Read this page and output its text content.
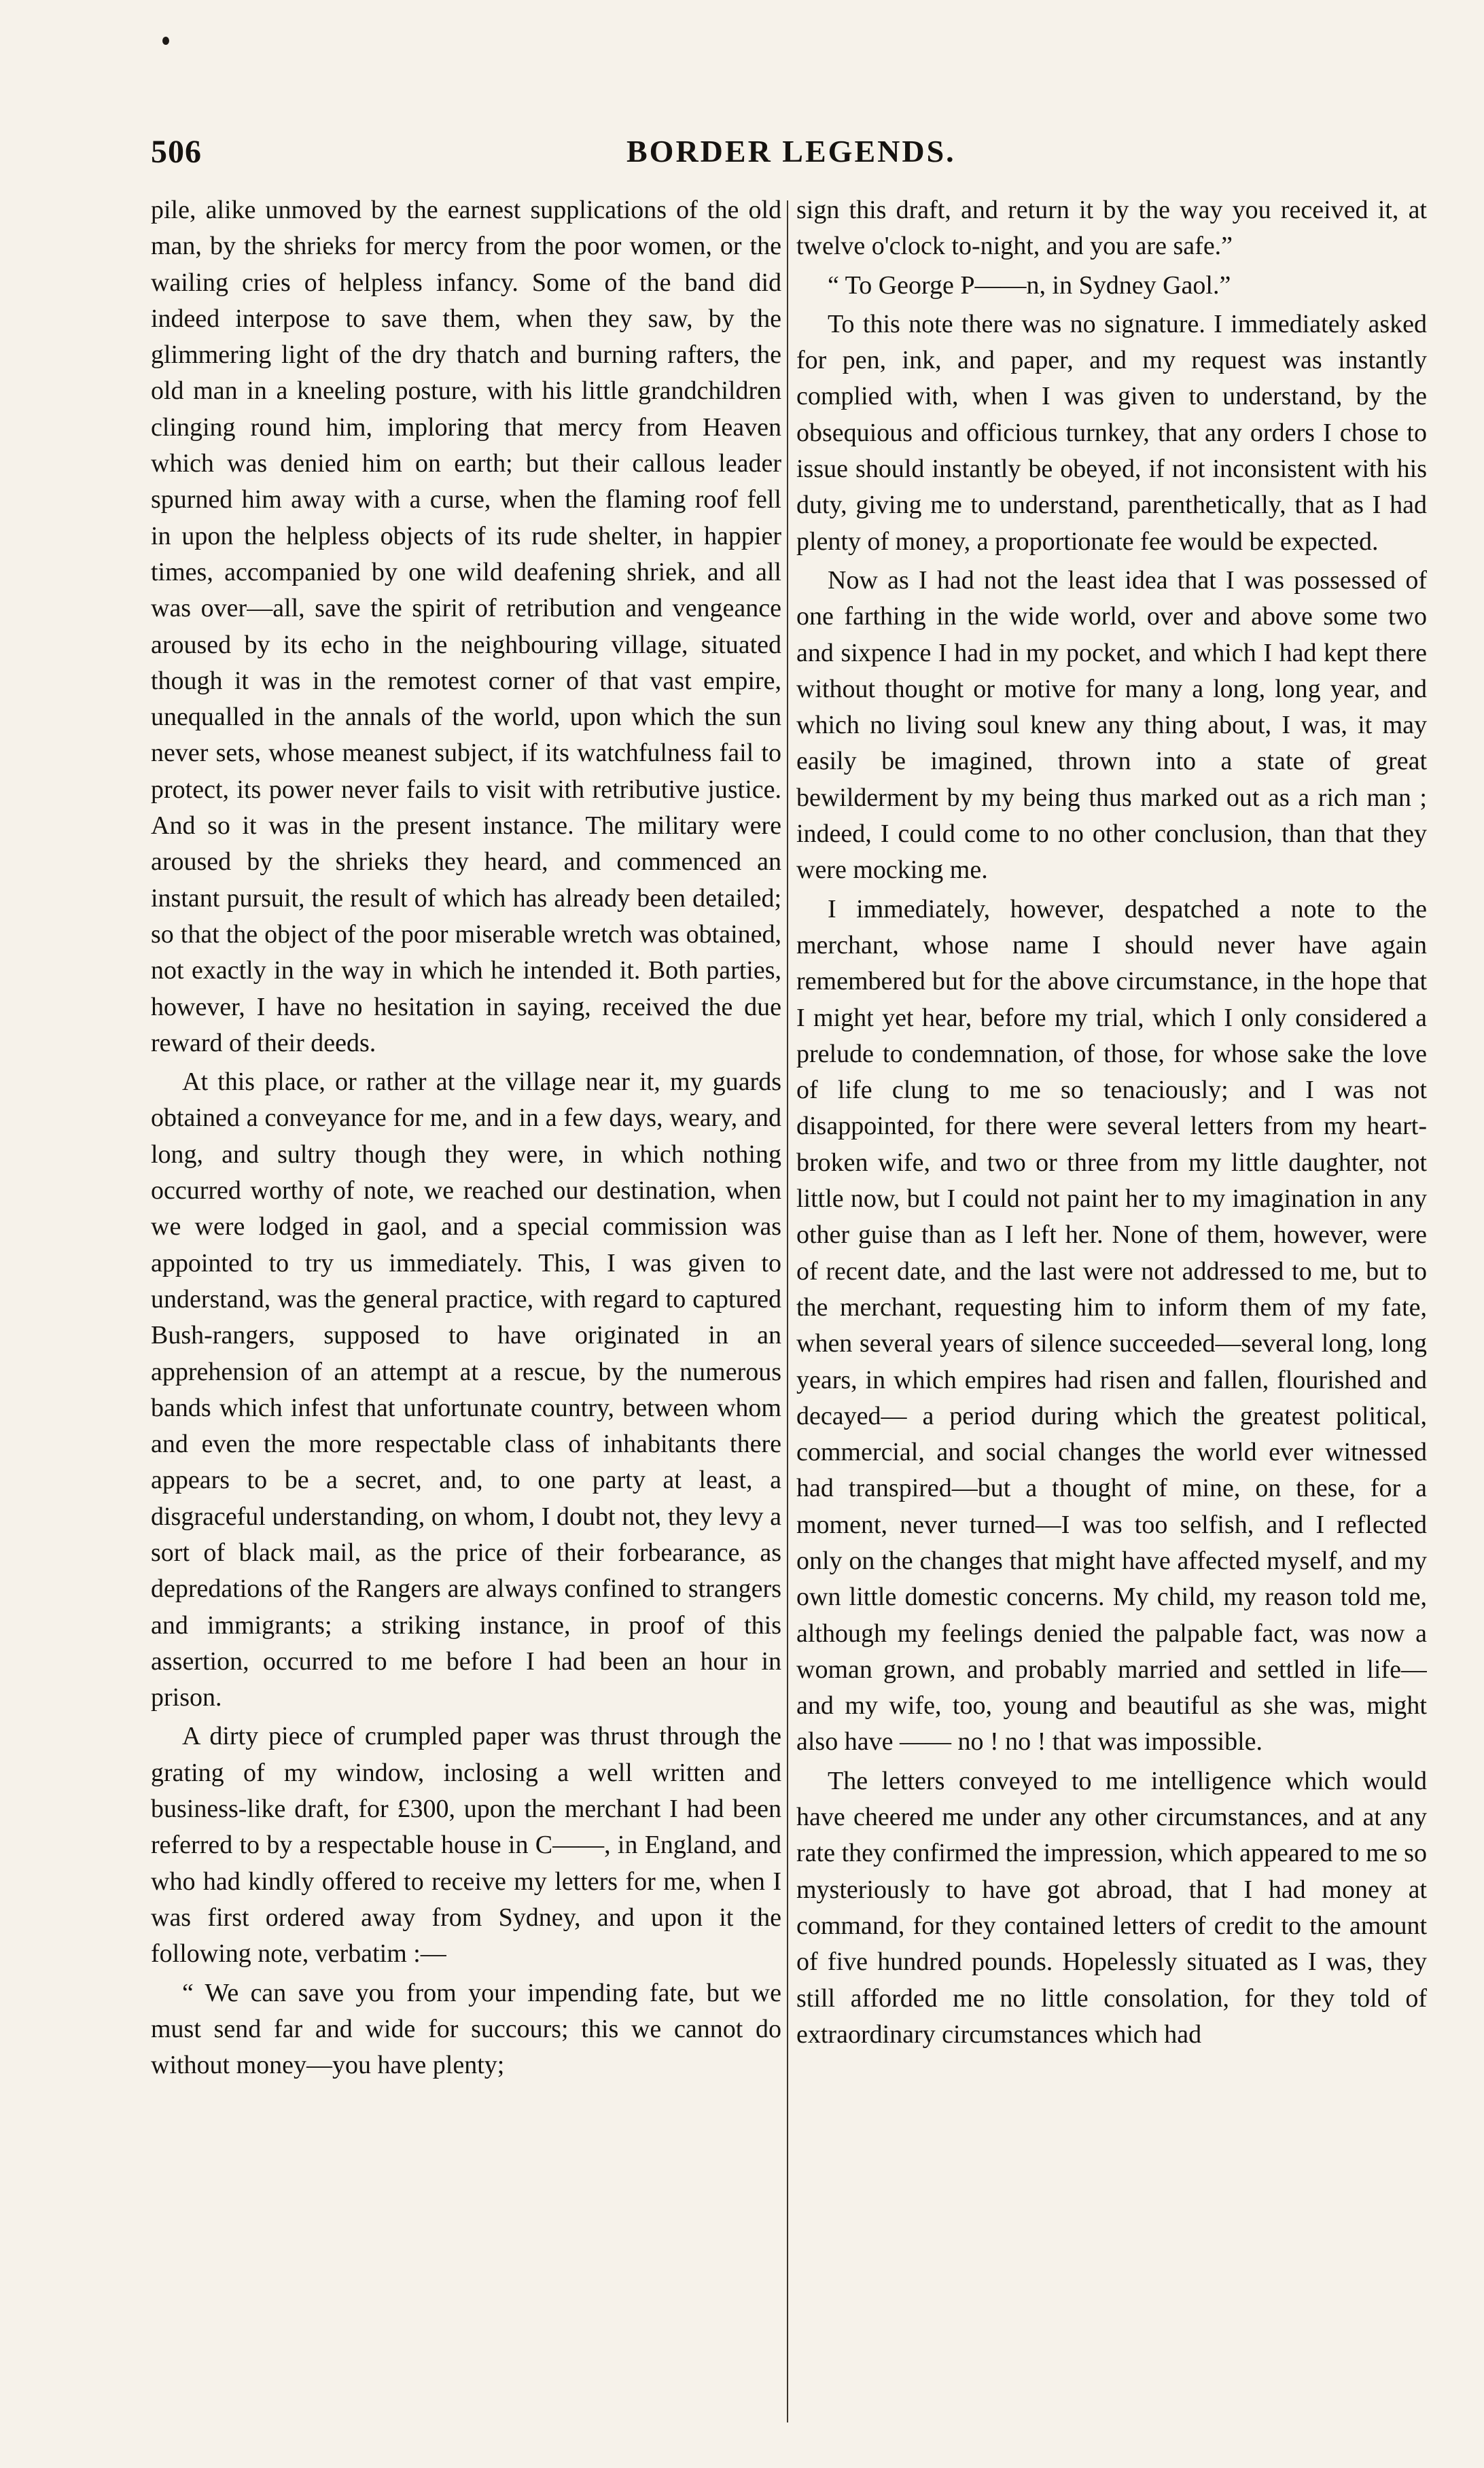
506	BORDER LEGENDS.

pile, alike unmoved by the earnest supplications of the old man, by the shrieks for mercy from the poor women, or the wailing cries of helpless infancy. Some of the band did indeed interpose to save them, when they saw, by the glimmering light of the dry thatch and burning rafters, the old man in a kneeling posture, with his little grandchildren clinging round him, imploring that mercy from Heaven which was denied him on earth; but their callous leader spurned him away with a curse, when the flaming roof fell in upon the helpless objects of its rude shelter, in happier times, accompanied by one wild deafening shriek, and all was over—all, save the spirit of retribution and vengeance aroused by its echo in the neighbouring village, situated though it was in the remotest corner of that vast empire, unequalled in the annals of the world, upon which the sun never sets, whose meanest subject, if its watchfulness fail to protect, its power never fails to visit with retributive justice. And so it was in the present instance. The military were aroused by the shrieks they heard, and commenced an instant pursuit, the result of which has already been detailed; so that the object of the poor miserable wretch was obtained, not exactly in the way in which he intended it. Both parties, however, I have no hesitation in saying, received the due reward of their deeds.

At this place, or rather at the village near it, my guards obtained a conveyance for me, and in a few days, weary, and long, and sultry though they were, in which nothing occurred worthy of note, we reached our destination, when we were lodged in gaol, and a special commission was appointed to try us immediately. This, I was given to understand, was the general practice, with regard to captured Bush-rangers, supposed to have originated in an apprehension of an attempt at a rescue, by the numerous bands which infest that unfortunate country, between whom and even the more respectable class of inhabitants there appears to be a secret, and, to one party at least, a disgraceful understanding, on whom, I doubt not, they levy a sort of black mail, as the price of their forbearance, as depredations of the Rangers are always confined to strangers and immigrants; a striking instance, in proof of this assertion, occurred to me before I had been an hour in prison.

A dirty piece of crumpled paper was thrust through the grating of my window, inclosing a well written and business-like draft, for £300, upon the merchant I had been referred to by a respectable house in C——, in England, and who had kindly offered to receive my letters for me, when I was first ordered away from Sydney, and upon it the following note, verbatim :—

“ We can save you from your impending fate, but we must send far and wide for succours; this we cannot do without money—you have plenty;

sign this draft, and return it by the way you received it, at twelve o'clock to-night, and you are safe.”

“ To George P——n, in Sydney Gaol.”

To this note there was no signature. I immediately asked for pen, ink, and paper, and my request was instantly complied with, when I was given to understand, by the obsequious and officious turnkey, that any orders I chose to issue should instantly be obeyed, if not inconsistent with his duty, giving me to understand, parenthetically, that as I had plenty of money, a proportionate fee would be expected.

Now as I had not the least idea that I was possessed of one farthing in the wide world, over and above some two and sixpence I had in my pocket, and which I had kept there without thought or motive for many a long, long year, and which no living soul knew any thing about, I was, it may easily be imagined, thrown into a state of great bewilderment by my being thus marked out as a rich man ; indeed, I could come to no other conclusion, than that they were mocking me.

I immediately, however, despatched a note to the merchant, whose name I should never have again remembered but for the above circumstance, in the hope that I might yet hear, before my trial, which I only considered a prelude to condemnation, of those, for whose sake the love of life clung to me so tenaciously; and I was not disappointed, for there were several letters from my heart-broken wife, and two or three from my little daughter, not little now, but I could not paint her to my imagination in any other guise than as I left her. None of them, however, were of recent date, and the last were not addressed to me, but to the merchant, requesting him to inform them of my fate, when several years of silence succeeded—several long, long years, in which empires had risen and fallen, flourished and decayed— a period during which the greatest political, commercial, and social changes the world ever witnessed had transpired—but a thought of mine, on these, for a moment, never turned—I was too selfish, and I reflected only on the changes that might have affected myself, and my own little domestic concerns. My child, my reason told me, although my feelings denied the palpable fact, was now a woman grown, and probably married and settled in life— and my wife, too, young and beautiful as she was, might also have —— no ! no ! that was impossible.

The letters conveyed to me intelligence which would have cheered me under any other circumstances, and at any rate they confirmed the impression, which appeared to me so mysteriously to have got abroad, that I had money at command, for they contained letters of credit to the amount of five hundred pounds. Hopelessly situated as I was, they still afforded me no little consolation, for they told of extraordinary circumstances which had
